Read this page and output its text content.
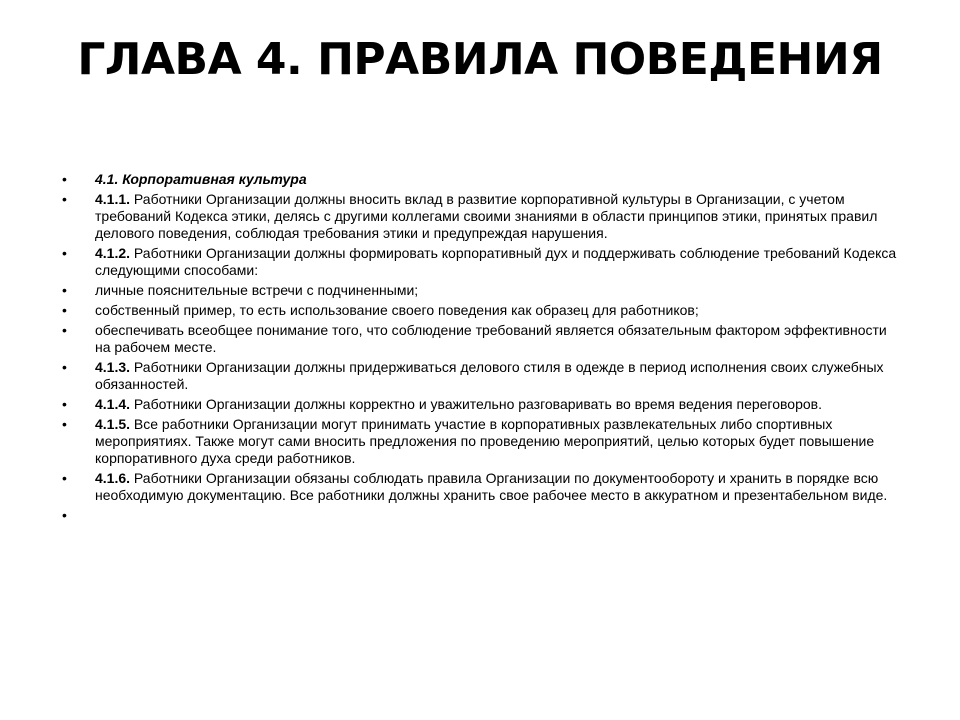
ГЛАВА 4. ПРАВИЛА ПОВЕДЕНИЯ
•	4.1. Корпоративная культура
•	4.1.1. Работники Организации должны вносить вклад в развитие корпоративной культуры в Организации, с учетом требований Кодекса этики, делясь с другими коллегами своими знаниями в области принципов этики, принятых правил делового поведения, соблюдая требования этики и предупреждая нарушения.
•	4.1.2. Работники Организации должны формировать корпоративный дух и поддерживать соблюдение требований Кодекса следующими способами:
•	личные пояснительные встречи с подчиненными;
•	собственный пример, то есть использование своего поведения как образец для работников;
•	обеспечивать всеобщее понимание того, что соблюдение требований является обязательным фактором эффективности на рабочем месте.
•	4.1.3. Работники Организации должны придерживаться делового стиля в одежде в период исполнения своих служебных обязанностей.
•	4.1.4. Работники Организации должны корректно и уважительно разговаривать во время ведения переговоров.
•	4.1.5. Все работники Организации могут принимать участие в корпоративных развлекательных либо спортивных мероприятиях. Также могут сами вносить предложения по проведению мероприятий, целью которых будет повышение корпоративного духа среди работников.
•	4.1.6. Работники Организации обязаны соблюдать правила Организации по документообороту и хранить в порядке всю необходимую документацию. Все работники должны хранить свое рабочее место в аккуратном и презентабельном виде.
•
